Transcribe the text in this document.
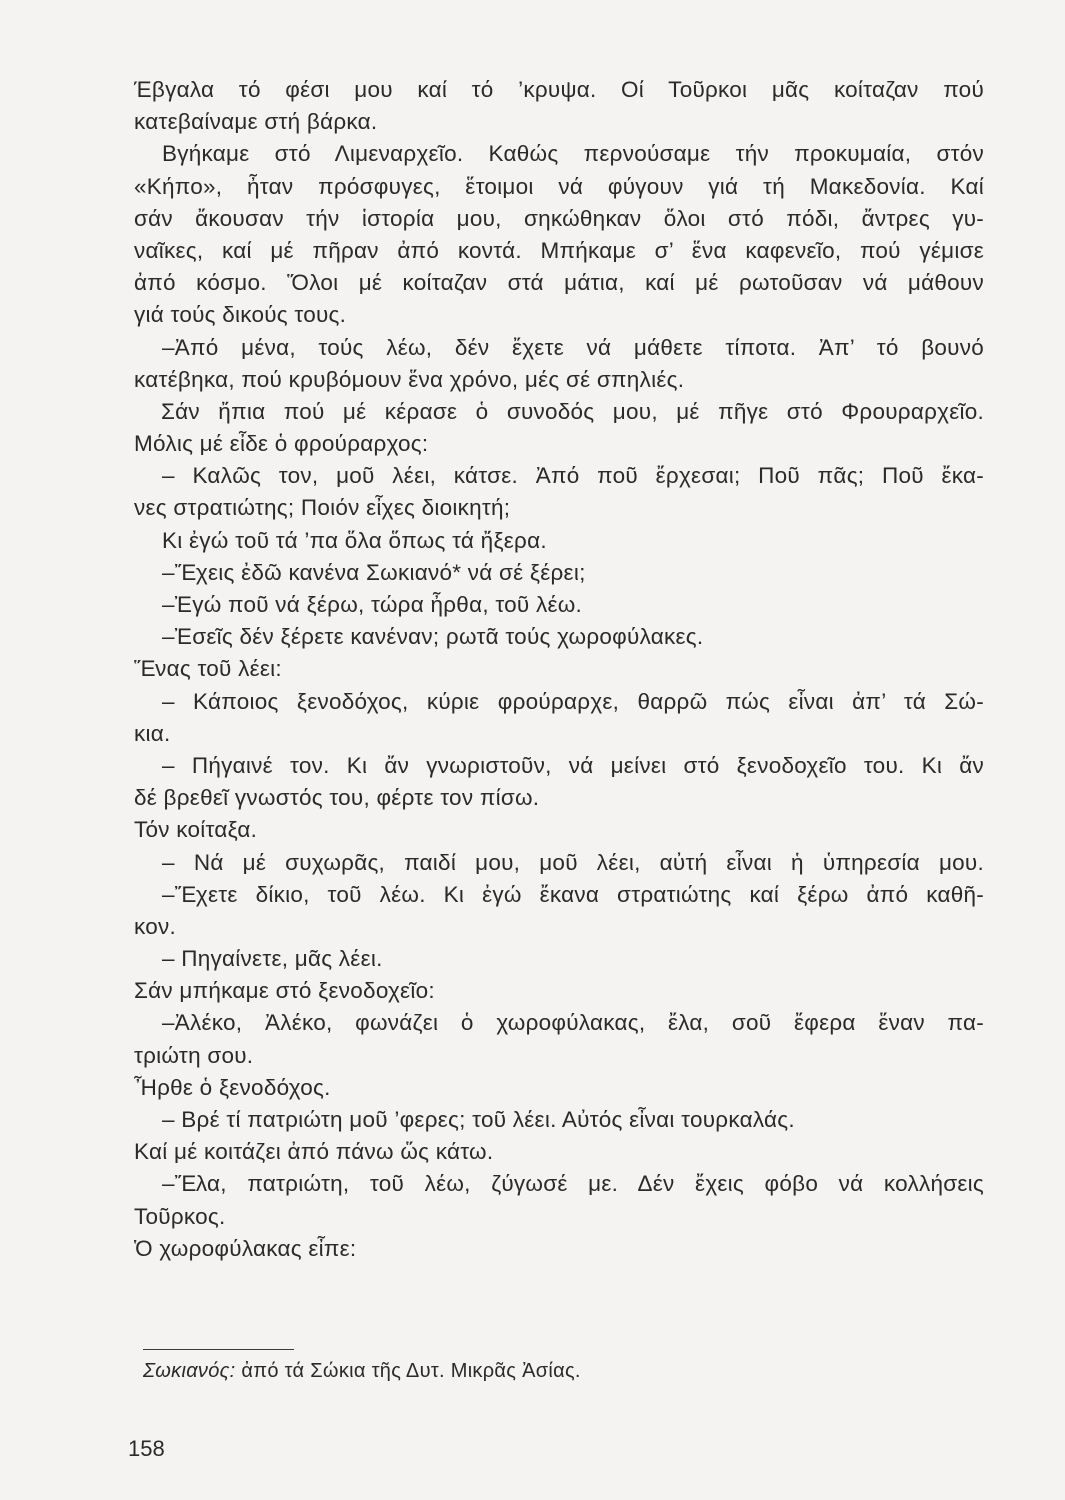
Έβγαλα τό φέσι μου καί τό ’κρυψα. Οί Τοῦρκοι μᾶς κοίταζαν πού
κατεβαίναμε στή βάρκα.
Βγήκαμε στό Λιμεναρχεῖο. Καθώς περνούσαμε τήν προκυμαία, στόν
«Κήπο», ἦταν πρόσφυγες, ἕτοιμοι νά φύγουν γιά τή Μακεδονία. Καί
σάν ἄκουσαν τήν ἱστορία μου, σηκώθηκαν ὅλοι στό πόδι, ἄντρες γυ-
ναῖκες, καί μέ πῆραν ἀπό κοντά. Μπήκαμε σ’ ἕνα καφενεῖο, πού γέμισε
ἀπό κόσμο. Ὅλοι μέ κοίταζαν στά μάτια, καί μέ ρωτοῦσαν νά μάθουν
γιά τούς δικούς τους.
–Ἀπό μένα, τούς λέω, δέν ἔχετε νά μάθετε τίποτα. Ἀπ’ τό βουνό
κατέβηκα, πού κρυβόμουν ἕνα χρόνο, μές σέ σπηλιές.
Σάν ἤπια πού μέ κέρασε ὁ συνοδός μου, μέ πῆγε στό Φρουραρχεῖο.
Μόλις μέ εἶδε ὁ φρούραρχος:
– Καλῶς τον, μοῦ λέει, κάτσε. Ἀπό ποῦ ἔρχεσαι; Ποῦ πᾶς; Ποῦ ἔκα-
νες στρατιώτης; Ποιόν εἶχες διοικητή;
Κι ἐγώ τοῦ τά ’πα ὅλα ὅπως τά ἤξερα.
–Ἔχεις ἐδῶ κανένα Σωκιανό* νά σέ ξέρει;
–Ἐγώ ποῦ νά ξέρω, τώρα ἦρθα, τοῦ λέω.
–Ἐσεῖς δέν ξέρετε κανέναν; ρωτᾶ τούς χωροφύλακες.
Ἕνας τοῦ λέει:
– Κάποιος ξενοδόχος, κύριε φρούραρχε, θαρρῶ πώς εἶναι ἀπ’ τά Σώ-
κια.
– Πήγαινέ τον. Κι ἄν γνωριστοῦν, νά μείνει στό ξενοδοχεῖο του. Κι ἄν
δέ βρεθεῖ γνωστός του, φέρτε τον πίσω.
Τόν κοίταξα.
– Νά μέ συχωρᾶς, παιδί μου, μοῦ λέει, αὐτή εἶναι ἡ ὑπηρεσία μου.
–Ἔχετε δίκιο, τοῦ λέω. Κι ἐγώ ἔκανα στρατιώτης καί ξέρω ἀπό καθῆ-
κον.
– Πηγαίνετε, μᾶς λέει.
Σάν μπήκαμε στό ξενοδοχεῖο:
–Ἀλέκο, Ἀλέκο, φωνάζει ὁ χωροφύλακας, ἔλα, σοῦ ἔφερα ἕναν πα-
τριώτη σου.
Ἦρθε ὁ ξενοδόχος.
– Βρέ τί πατριώτη μοῦ ’φερες; τοῦ λέει. Αὐτός εἶναι τουρκαλάς.
Καί μέ κοιτάζει ἀπό πάνω ὥς κάτω.
–Ἔλα, πατριώτη, τοῦ λέω, ζύγωσέ με. Δέν ἔχεις φόβο νά κολλήσεις
Τοῦρκος.
Ὁ χωροφύλακας εἶπε:
Σωκιανός: ἀπό τά Σώκια τῆς Δυτ. Μικρᾶς Ἀσίας.
158
